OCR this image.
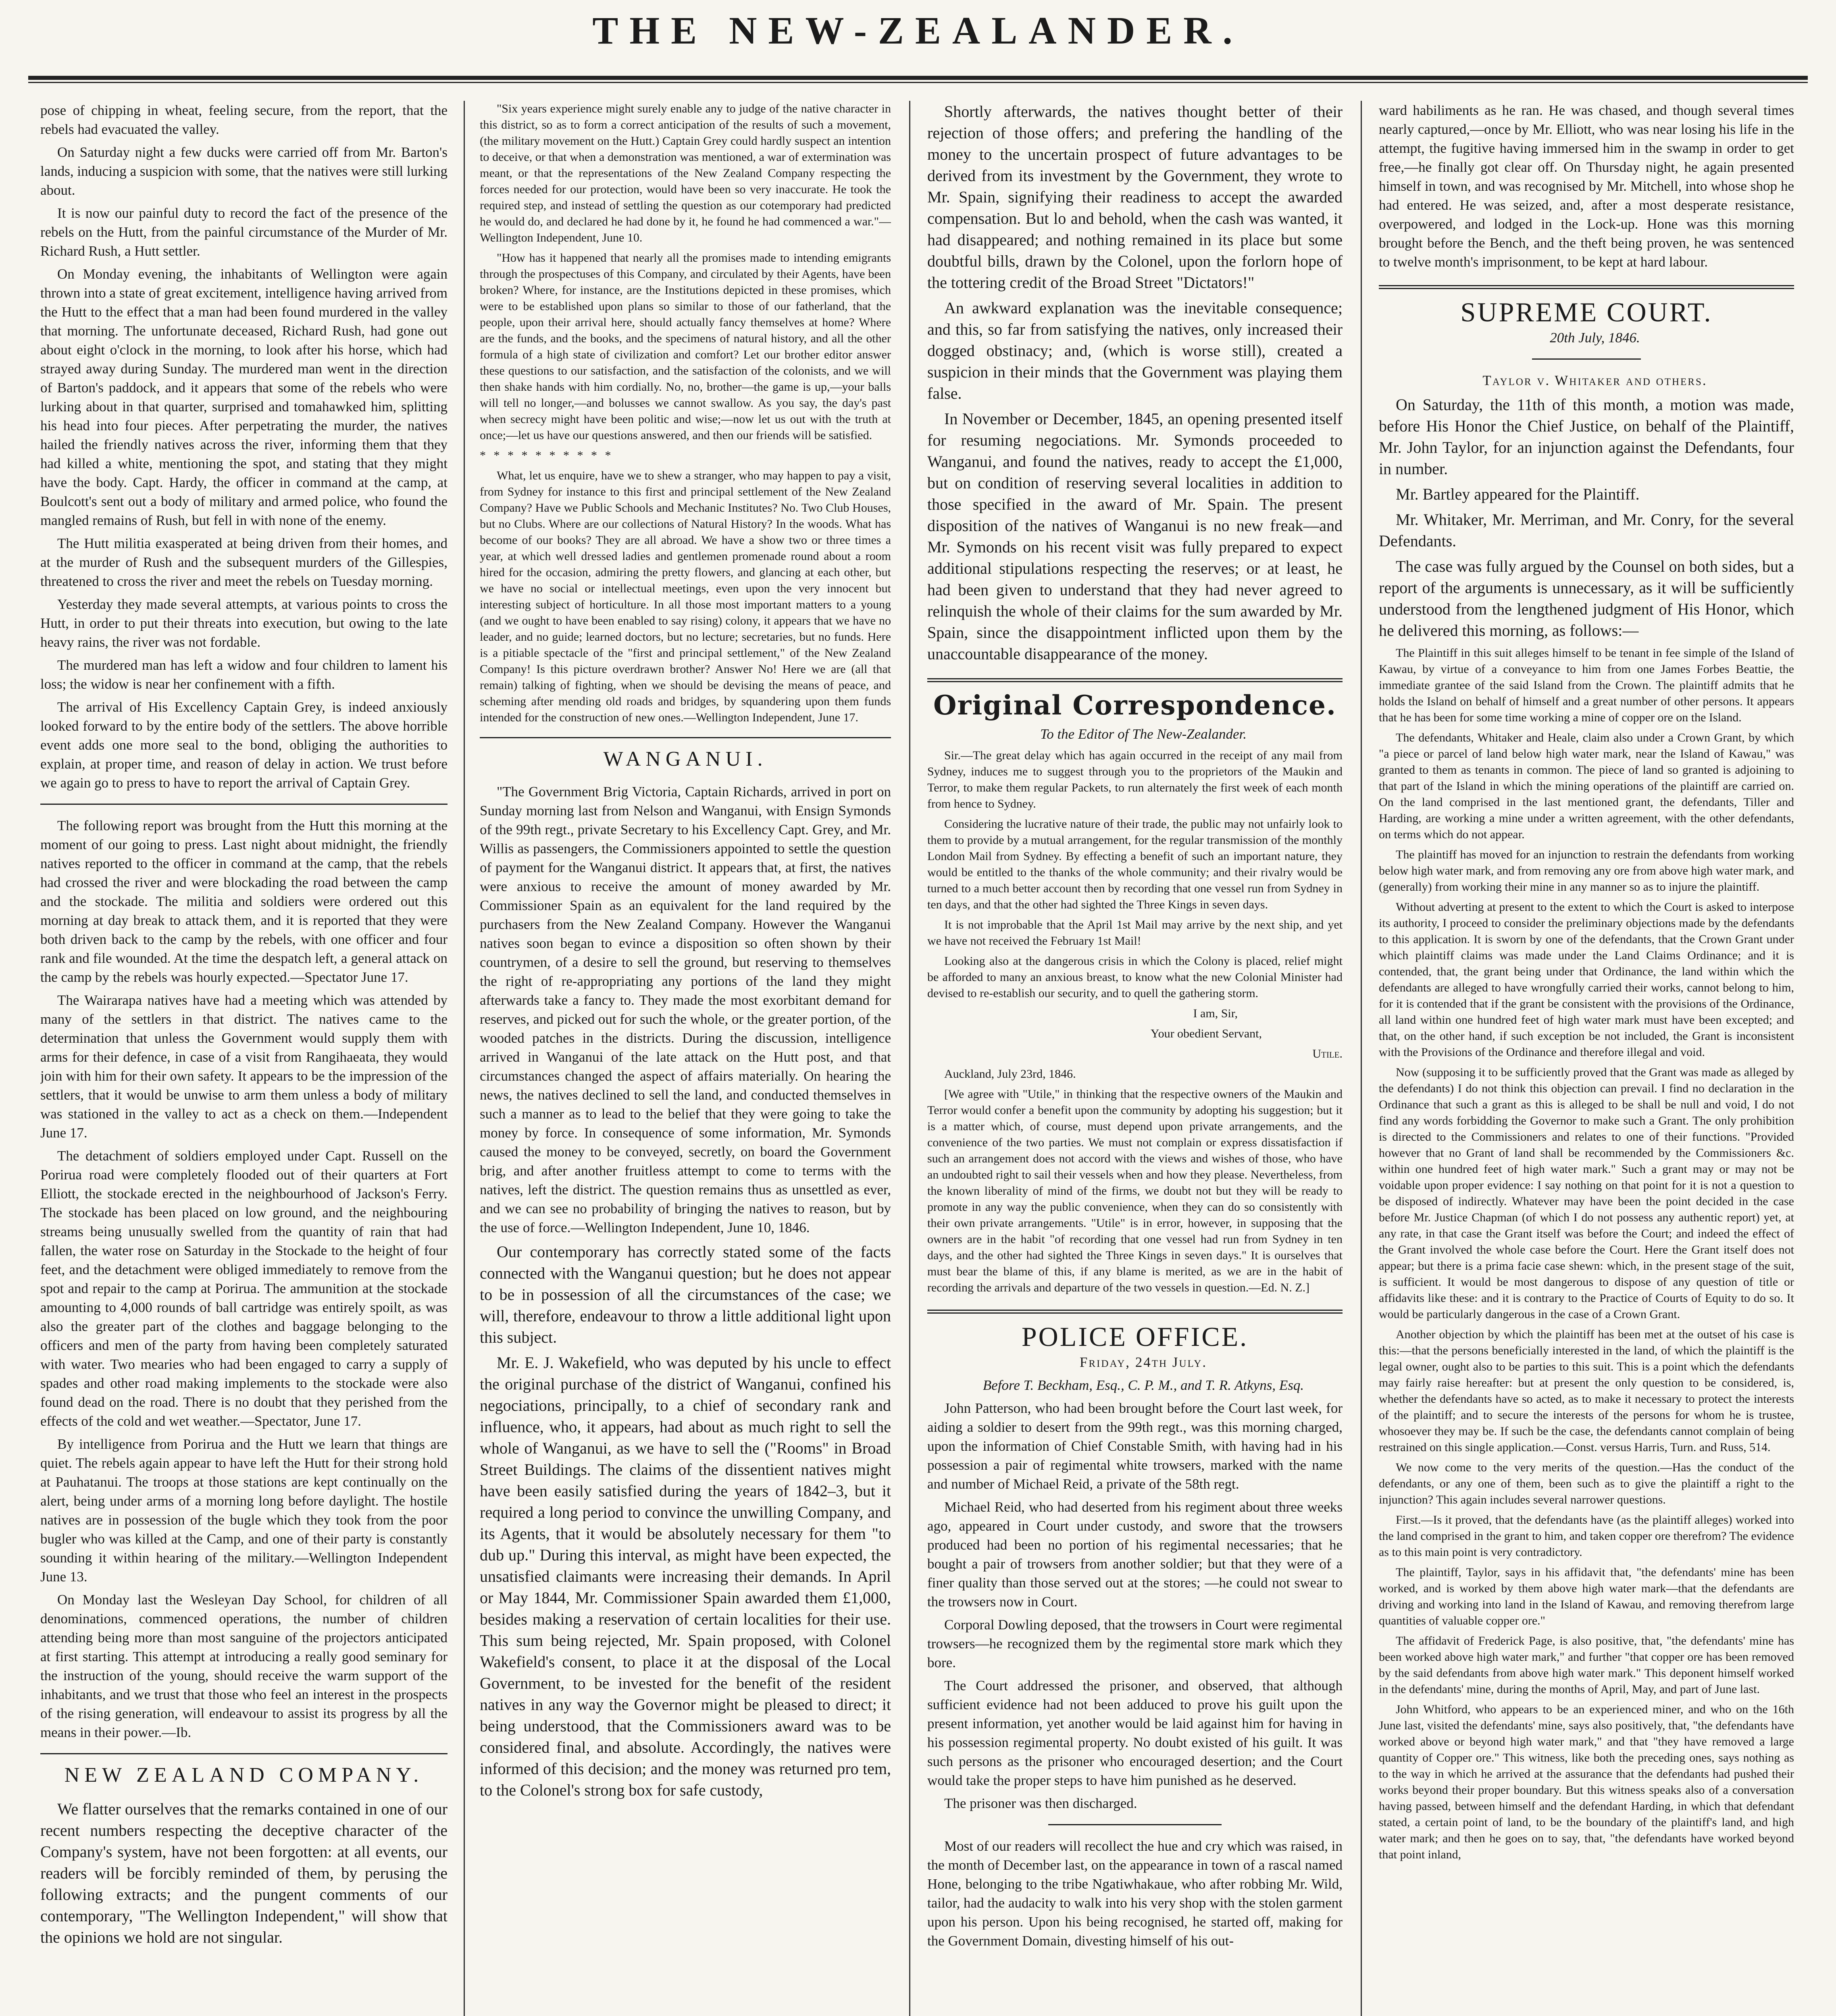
THE NEW-ZEALANDER.

pose of chipping in wheat, feeling secure, from the report, that the rebels had evacuated the valley.

On Saturday night a few ducks were carried off from Mr. Barton's lands, inducing a suspicion with some, that the natives were still lurking about.

It is now our painful duty to record the fact of the presence of the rebels on the Hutt, from the painful circumstance of the Murder of Mr. Richard Rush, a Hutt settler.

On Monday evening, the inhabitants of Wellington were again thrown into a state of great excitement, intelligence having arrived from the Hutt to the effect that a man had been found murdered in the valley that morning. The unfortunate deceased, Richard Rush, had gone out about eight o'clock in the morning, to look after his horse, which had strayed away during Sunday. The murdered man went in the direction of Barton's paddock, and it appears that some of the rebels who were lurking about in that quarter, surprised and tomahawked him, splitting his head into four pieces. After perpetrating the murder, the natives hailed the friendly natives across the river, informing them that they had killed a white, mentioning the spot, and stating that they might have the body. Capt. Hardy, the officer in command at the camp, at Boulcott's sent out a body of military and armed police, who found the mangled remains of Rush, but fell in with none of the enemy.

The Hutt militia exasperated at being driven from their homes, and at the murder of Rush and the subsequent murders of the Gillespies, threatened to cross the river and meet the rebels on Tuesday morning.

Yesterday they made several attempts, at various points to cross the Hutt, in order to put their threats into execution, but owing to the late heavy rains, the river was not fordable.

The murdered man has left a widow and four children to lament his loss; the widow is near her confinement with a fifth.

The arrival of His Excellency Captain Grey, is indeed anxiously looked forward to by the entire body of the settlers. The above horrible event adds one more seal to the bond, obliging the authorities to explain, at proper time, and reason of delay in action. We trust before we again go to press to have to report the arrival of Captain Grey.

The following report was brought from the Hutt this morning at the moment of our going to press. Last night about midnight, the friendly natives reported to the officer in command at the camp, that the rebels had crossed the river and were blockading the road between the camp and the stockade. The militia and soldiers were ordered out this morning at day break to attack them, and it is reported that they were both driven back to the camp by the rebels, with one officer and four rank and file wounded. At the time the despatch left, a general attack on the camp by the rebels was hourly expected.—Spectator June 17.

The Wairarapa natives have had a meeting which was attended by many of the settlers in that district. The natives came to the determination that unless the Government would supply them with arms for their defence, in case of a visit from Rangihaeata, they would join with him for their own safety. It appears to be the impression of the settlers, that it would be unwise to arm them unless a body of military was stationed in the valley to act as a check on them.—Independent June 17.

The detachment of soldiers employed under Capt. Russell on the Porirua road were completely flooded out of their quarters at Fort Elliott, the stockade erected in the neighbourhood of Jackson's Ferry. The stockade has been placed on low ground, and the neighbouring streams being unusually swelled from the quantity of rain that had fallen, the water rose on Saturday in the Stockade to the height of four feet, and the detachment were obliged immediately to remove from the spot and repair to the camp at Porirua. The ammunition at the stockade amounting to 4,000 rounds of ball cartridge was entirely spoilt, as was also the greater part of the clothes and baggage belonging to the officers and men of the party from having been completely saturated with water. Two mearies who had been engaged to carry a supply of spades and other road making implements to the stockade were also found dead on the road. There is no doubt that they perished from the effects of the cold and wet weather.—Spectator, June 17.

By intelligence from Porirua and the Hutt we learn that things are quiet. The rebels again appear to have left the Hutt for their strong hold at Pauhatanui. The troops at those stations are kept continually on the alert, being under arms of a morning long before daylight. The hostile natives are in possession of the bugle which they took from the poor bugler who was killed at the Camp, and one of their party is constantly sounding it within hearing of the military.—Wellington Independent June 13.

On Monday last the Wesleyan Day School, for children of all denominations, commenced operations, the number of children attending being more than most sanguine of the projectors anticipated at first starting. This attempt at introducing a really good seminary for the instruction of the young, should receive the warm support of the inhabitants, and we trust that those who feel an interest in the prospects of the rising generation, will endeavour to assist its progress by all the means in their power.—Ib.

NEW ZEALAND COMPANY.

We flatter ourselves that the remarks contained in one of our recent numbers respecting the deceptive character of the Company's system, have not been forgotten: at all events, our readers will be forcibly reminded of them, by perusing the following extracts; and the pungent comments of our contemporary, "The Wellington Independent," will show that the opinions we hold are not singular.

"Six years experience might surely enable any to judge of the native character in this district, so as to form a correct anticipation of the results of such a movement, (the military movement on the Hutt.) Captain Grey could hardly suspect an intention to deceive, or that when a demonstration was mentioned, a war of extermination was meant, or that the representations of the New Zealand Company respecting the forces needed for our protection, would have been so very inaccurate. He took the required step, and instead of settling the question as our cotemporary had predicted he would do, and declared he had done by it, he found he had commenced a war."—Wellington Independent, June 10.

"How has it happened that nearly all the promises made to intending emigrants through the prospectuses of this Company, and circulated by their Agents, have been broken? Where, for instance, are the Institutions depicted in these promises, which were to be established upon plans so similar to those of our fatherland, that the people, upon their arrival here, should actually fancy themselves at home? Where are the funds, and the books, and the specimens of natural history, and all the other formula of a high state of civilization and comfort? Let our brother editor answer these questions to our satisfaction, and the satisfaction of the colonists, and we will then shake hands with him cordially. No, no, brother—the game is up,—your balls will tell no longer,—and bolusses we cannot swallow. As you say, the day's past when secrecy might have been politic and wise;—now let us out with the truth at once;—let us have our questions answered, and then our friends will be satisfied.

* * * * * * * * * *

What, let us enquire, have we to shew a stranger, who may happen to pay a visit, from Sydney for instance to this first and principal settlement of the New Zealand Company? Have we Public Schools and Mechanic Institutes? No. Two Club Houses, but no Clubs. Where are our collections of Natural History? In the woods. What has become of our books? They are all abroad. We have a show two or three times a year, at which well dressed ladies and gentlemen promenade round about a room hired for the occasion, admiring the pretty flowers, and glancing at each other, but we have no social or intellectual meetings, even upon the very innocent but interesting subject of horticulture. In all those most important matters to a young (and we ought to have been enabled to say rising) colony, it appears that we have no leader, and no guide; learned doctors, but no lecture; secretaries, but no funds. Here is a pitiable spectacle of the "first and principal settlement," of the New Zealand Company! Is this picture overdrawn brother? Answer No! Here we are (all that remain) talking of fighting, when we should be devising the means of peace, and scheming after mending old roads and bridges, by squandering upon them funds intended for the construction of new ones.—Wellington Independent, June 17.

WANGANUI.

"The Government Brig Victoria, Captain Richards, arrived in port on Sunday morning last from Nelson and Wanganui, with Ensign Symonds of the 99th regt., private Secretary to his Excellency Capt. Grey, and Mr. Willis as passengers, the Commissioners appointed to settle the question of payment for the Wanganui district. It appears that, at first, the natives were anxious to receive the amount of money awarded by Mr. Commissioner Spain as an equivalent for the land required by the purchasers from the New Zealand Company. However the Wanganui natives soon began to evince a disposition so often shown by their countrymen, of a desire to sell the ground, but reserving to themselves the right of re-appropriating any portions of the land they might afterwards take a fancy to. They made the most exorbitant demand for reserves, and picked out for such the whole, or the greater portion, of the wooded patches in the districts. During the discussion, intelligence arrived in Wanganui of the late attack on the Hutt post, and that circumstances changed the aspect of affairs materially. On hearing the news, the natives declined to sell the land, and conducted themselves in such a manner as to lead to the belief that they were going to take the money by force. In consequence of some information, Mr. Symonds caused the money to be conveyed, secretly, on board the Government brig, and after another fruitless attempt to come to terms with the natives, left the district. The question remains thus as unsettled as ever, and we can see no probability of bringing the natives to reason, but by the use of force.—Wellington Independent, June 10, 1846.

Our contemporary has correctly stated some of the facts connected with the Wanganui question; but he does not appear to be in possession of all the circumstances of the case; we will, therefore, endeavour to throw a little additional light upon this subject.

Mr. E. J. Wakefield, who was deputed by his uncle to effect the original purchase of the district of Wanganui, confined his negociations, principally, to a chief of secondary rank and influence, who, it appears, had about as much right to sell the whole of Wanganui, as we have to sell the ("Rooms" in Broad Street Buildings. The claims of the dissentient natives might have been easily satisfied during the years of 1842–3, but it required a long period to convince the unwilling Company, and its Agents, that it would be absolutely necessary for them "to dub up." During this interval, as might have been expected, the unsatisfied claimants were increasing their demands. In April or May 1844, Mr. Commissioner Spain awarded them £1,000, besides making a reservation of certain localities for their use. This sum being rejected, Mr. Spain proposed, with Colonel Wakefield's consent, to place it at the disposal of the Local Government, to be invested for the benefit of the resident natives in any way the Governor might be pleased to direct; it being understood, that the Commissioners award was to be considered final, and absolute. Accordingly, the natives were informed of this decision; and the money was returned pro tem, to the Colonel's strong box for safe custody,

Shortly afterwards, the natives thought better of their rejection of those offers; and prefering the handling of the money to the uncertain prospect of future advantages to be derived from its investment by the Government, they wrote to Mr. Spain, signifying their readiness to accept the awarded compensation. But lo and behold, when the cash was wanted, it had disappeared; and nothing remained in its place but some doubtful bills, drawn by the Colonel, upon the forlorn hope of the tottering credit of the Broad Street "Dictators!"

An awkward explanation was the inevitable consequence; and this, so far from satisfying the natives, only increased their dogged obstinacy; and, (which is worse still), created a suspicion in their minds that the Government was playing them false.

In November or December, 1845, an opening presented itself for resuming negociations. Mr. Symonds proceeded to Wanganui, and found the natives, ready to accept the £1,000, but on condition of reserving several localities in addition to those specified in the award of Mr. Spain. The present disposition of the natives of Wanganui is no new freak—and Mr. Symonds on his recent visit was fully prepared to expect additional stipulations respecting the reserves; or at least, he had been given to understand that they had never agreed to relinquish the whole of their claims for the sum awarded by Mr. Spain, since the disappointment inflicted upon them by the unaccountable disappearance of the money.

Original Correspondence.

To the Editor of The New-Zealander.

Sir.—The great delay which has again occurred in the receipt of any mail from Sydney, induces me to suggest through you to the proprietors of the Maukin and Terror, to make them regular Packets, to run alternately the first week of each month from hence to Sydney.

Considering the lucrative nature of their trade, the public may not unfairly look to them to provide by a mutual arrangement, for the regular transmission of the monthly London Mail from Sydney. By effecting a benefit of such an important nature, they would be entitled to the thanks of the whole community; and their rivalry would be turned to a much better account then by recording that one vessel run from Sydney in ten days, and that the other had sighted the Three Kings in seven days.

It is not improbable that the April 1st Mail may arrive by the next ship, and yet we have not received the February 1st Mail!

Looking also at the dangerous crisis in which the Colony is placed, relief might be afforded to many an anxious breast, to know what the new Colonial Minister had devised to re-establish our security, and to quell the gathering storm.

I am, Sir,

Your obedient Servant,

Utile.

Auckland, July 23rd, 1846.

[We agree with "Utile," in thinking that the respective owners of the Maukin and Terror would confer a benefit upon the community by adopting his suggestion; but it is a matter which, of course, must depend upon private arrangements, and the convenience of the two parties. We must not complain or express dissatisfaction if such an arrangement does not accord with the views and wishes of those, who have an undoubted right to sail their vessels when and how they please. Nevertheless, from the known liberality of mind of the firms, we doubt not but they will be ready to promote in any way the public convenience, when they can do so consistently with their own private arrangements. "Utile" is in error, however, in supposing that the owners are in the habit "of recording that one vessel had run from Sydney in ten days, and the other had sighted the Three Kings in seven days." It is ourselves that must bear the blame of this, if any blame is merited, as we are in the habit of recording the arrivals and departure of the two vessels in question.—Ed. N. Z.]

POLICE OFFICE.

Friday, 24th July.

Before T. Beckham, Esq., C. P. M., and T. R. Atkyns, Esq.

John Patterson, who had been brought before the Court last week, for aiding a soldier to desert from the 99th regt., was this morning charged, upon the information of Chief Constable Smith, with having had in his possession a pair of regimental white trowsers, marked with the name and number of Michael Reid, a private of the 58th regt.

Michael Reid, who had deserted from his regiment about three weeks ago, appeared in Court under custody, and swore that the trowsers produced had been no portion of his regimental necessaries; that he bought a pair of trowsers from another soldier; but that they were of a finer quality than those served out at the stores; —he could not swear to the trowsers now in Court.

Corporal Dowling deposed, that the trowsers in Court were regimental trowsers—he recognized them by the regimental store mark which they bore.

The Court addressed the prisoner, and observed, that although sufficient evidence had not been adduced to prove his guilt upon the present information, yet another would be laid against him for having in his possession regimental property. No doubt existed of his guilt. It was such persons as the prisoner who encouraged desertion; and the Court would take the proper steps to have him punished as he deserved.

The prisoner was then discharged.

Most of our readers will recollect the hue and cry which was raised, in the month of December last, on the appearance in town of a rascal named Hone, belonging to the tribe Ngatiwhakaue, who after robbing Mr. Wild, tailor, had the audacity to walk into his very shop with the stolen garment upon his person. Upon his being recognised, he started off, making for the Government Domain, divesting himself of his out-

ward habiliments as he ran. He was chased, and though several times nearly captured,—once by Mr. Elliott, who was near losing his life in the attempt, the fugitive having immersed him in the swamp in order to get free,—he finally got clear off. On Thursday night, he again presented himself in town, and was recognised by Mr. Mitchell, into whose shop he had entered. He was seized, and, after a most desperate resistance, overpowered, and lodged in the Lock-up. Hone was this morning brought before the Bench, and the theft being proven, he was sentenced to twelve month's imprisonment, to be kept at hard labour.

SUPREME COURT.

20th July, 1846.

Taylor v. Whitaker and others.

On Saturday, the 11th of this month, a motion was made, before His Honor the Chief Justice, on behalf of the Plaintiff, Mr. John Taylor, for an injunction against the Defendants, four in number.

Mr. Bartley appeared for the Plaintiff.

Mr. Whitaker, Mr. Merriman, and Mr. Conry, for the several Defendants.

The case was fully argued by the Counsel on both sides, but a report of the arguments is unnecessary, as it will be sufficiently understood from the lengthened judgment of His Honor, which he delivered this morning, as follows:—

The Plaintiff in this suit alleges himself to be tenant in fee simple of the Island of Kawau, by virtue of a conveyance to him from one James Forbes Beattie, the immediate grantee of the said Island from the Crown. The plaintiff admits that he holds the Island on behalf of himself and a great number of other persons. It appears that he has been for some time working a mine of copper ore on the Island.

The defendants, Whitaker and Heale, claim also under a Crown Grant, by which "a piece or parcel of land below high water mark, near the Island of Kawau," was granted to them as tenants in common. The piece of land so granted is adjoining to that part of the Island in which the mining operations of the plaintiff are carried on. On the land comprised in the last mentioned grant, the defendants, Tiller and Harding, are working a mine under a written agreement, with the other defendants, on terms which do not appear.

The plaintiff has moved for an injunction to restrain the defendants from working below high water mark, and from removing any ore from above high water mark, and (generally) from working their mine in any manner so as to injure the plaintiff.

Without adverting at present to the extent to which the Court is asked to interpose its authority, I proceed to consider the preliminary objections made by the defendants to this application. It is sworn by one of the defendants, that the Crown Grant under which plaintiff claims was made under the Land Claims Ordinance; and it is contended, that, the grant being under that Ordinance, the land within which the defendants are alleged to have wrongfully carried their works, cannot belong to him, for it is contended that if the grant be consistent with the provisions of the Ordinance, all land within one hundred feet of high water mark must have been excepted; and that, on the other hand, if such exception be not included, the Grant is inconsistent with the Provisions of the Ordinance and therefore illegal and void.

Now (supposing it to be sufficiently proved that the Grant was made as alleged by the defendants) I do not think this objection can prevail. I find no declaration in the Ordinance that such a grant as this is alleged to be shall be null and void, I do not find any words forbidding the Governor to make such a Grant. The only prohibition is directed to the Commissioners and relates to one of their functions. "Provided however that no Grant of land shall be recommended by the Commissioners &c. within one hundred feet of high water mark." Such a grant may or may not be voidable upon proper evidence: I say nothing on that point for it is not a question to be disposed of indirectly. Whatever may have been the point decided in the case before Mr. Justice Chapman (of which I do not possess any authentic report) yet, at any rate, in that case the Grant itself was before the Court; and indeed the effect of the Grant involved the whole case before the Court. Here the Grant itself does not appear; but there is a prima facie case shewn: which, in the present stage of the suit, is sufficient. It would be most dangerous to dispose of any question of title or affidavits like these: and it is contrary to the Practice of Courts of Equity to do so. It would be particularly dangerous in the case of a Crown Grant.

Another objection by which the plaintiff has been met at the outset of his case is this:—that the persons beneficially interested in the land, of which the plaintiff is the legal owner, ought also to be parties to this suit. This is a point which the defendants may fairly raise hereafter: but at present the only question to be considered, is, whether the defendants have so acted, as to make it necessary to protect the interests of the plaintiff; and to secure the interests of the persons for whom he is trustee, whosoever they may be. If such be the case, the defendants cannot complain of being restrained on this single application.—Const. versus Harris, Turn. and Russ, 514.

We now come to the very merits of the question.—Has the conduct of the defendants, or any one of them, been such as to give the plaintiff a right to the injunction? This again includes several narrower questions.

First.—Is it proved, that the defendants have (as the plaintiff alleges) worked into the land comprised in the grant to him, and taken copper ore therefrom? The evidence as to this main point is very contradictory.

The plaintiff, Taylor, says in his affidavit that, "the defendants' mine has been worked, and is worked by them above high water mark—that the defendants are driving and working into land in the Island of Kawau, and removing therefrom large quantities of valuable copper ore."

The affidavit of Frederick Page, is also positive, that, "the defendants' mine has been worked above high water mark," and further "that copper ore has been removed by the said defendants from above high water mark." This deponent himself worked in the defendants' mine, during the months of April, May, and part of June last.

John Whitford, who appears to be an experienced miner, and who on the 16th June last, visited the defendants' mine, says also positively, that, "the defendants have worked above or beyond high water mark," and that "they have removed a large quantity of Copper ore." This witness, like both the preceding ones, says nothing as to the way in which he arrived at the assurance that the defendants had pushed their works beyond their proper boundary. But this witness speaks also of a conversation having passed, between himself and the defendant Harding, in which that defendant stated, a certain point of land, to be the boundary of the plaintiff's land, and high water mark; and then he goes on to say, that, "the defendants have worked beyond that point inland,
